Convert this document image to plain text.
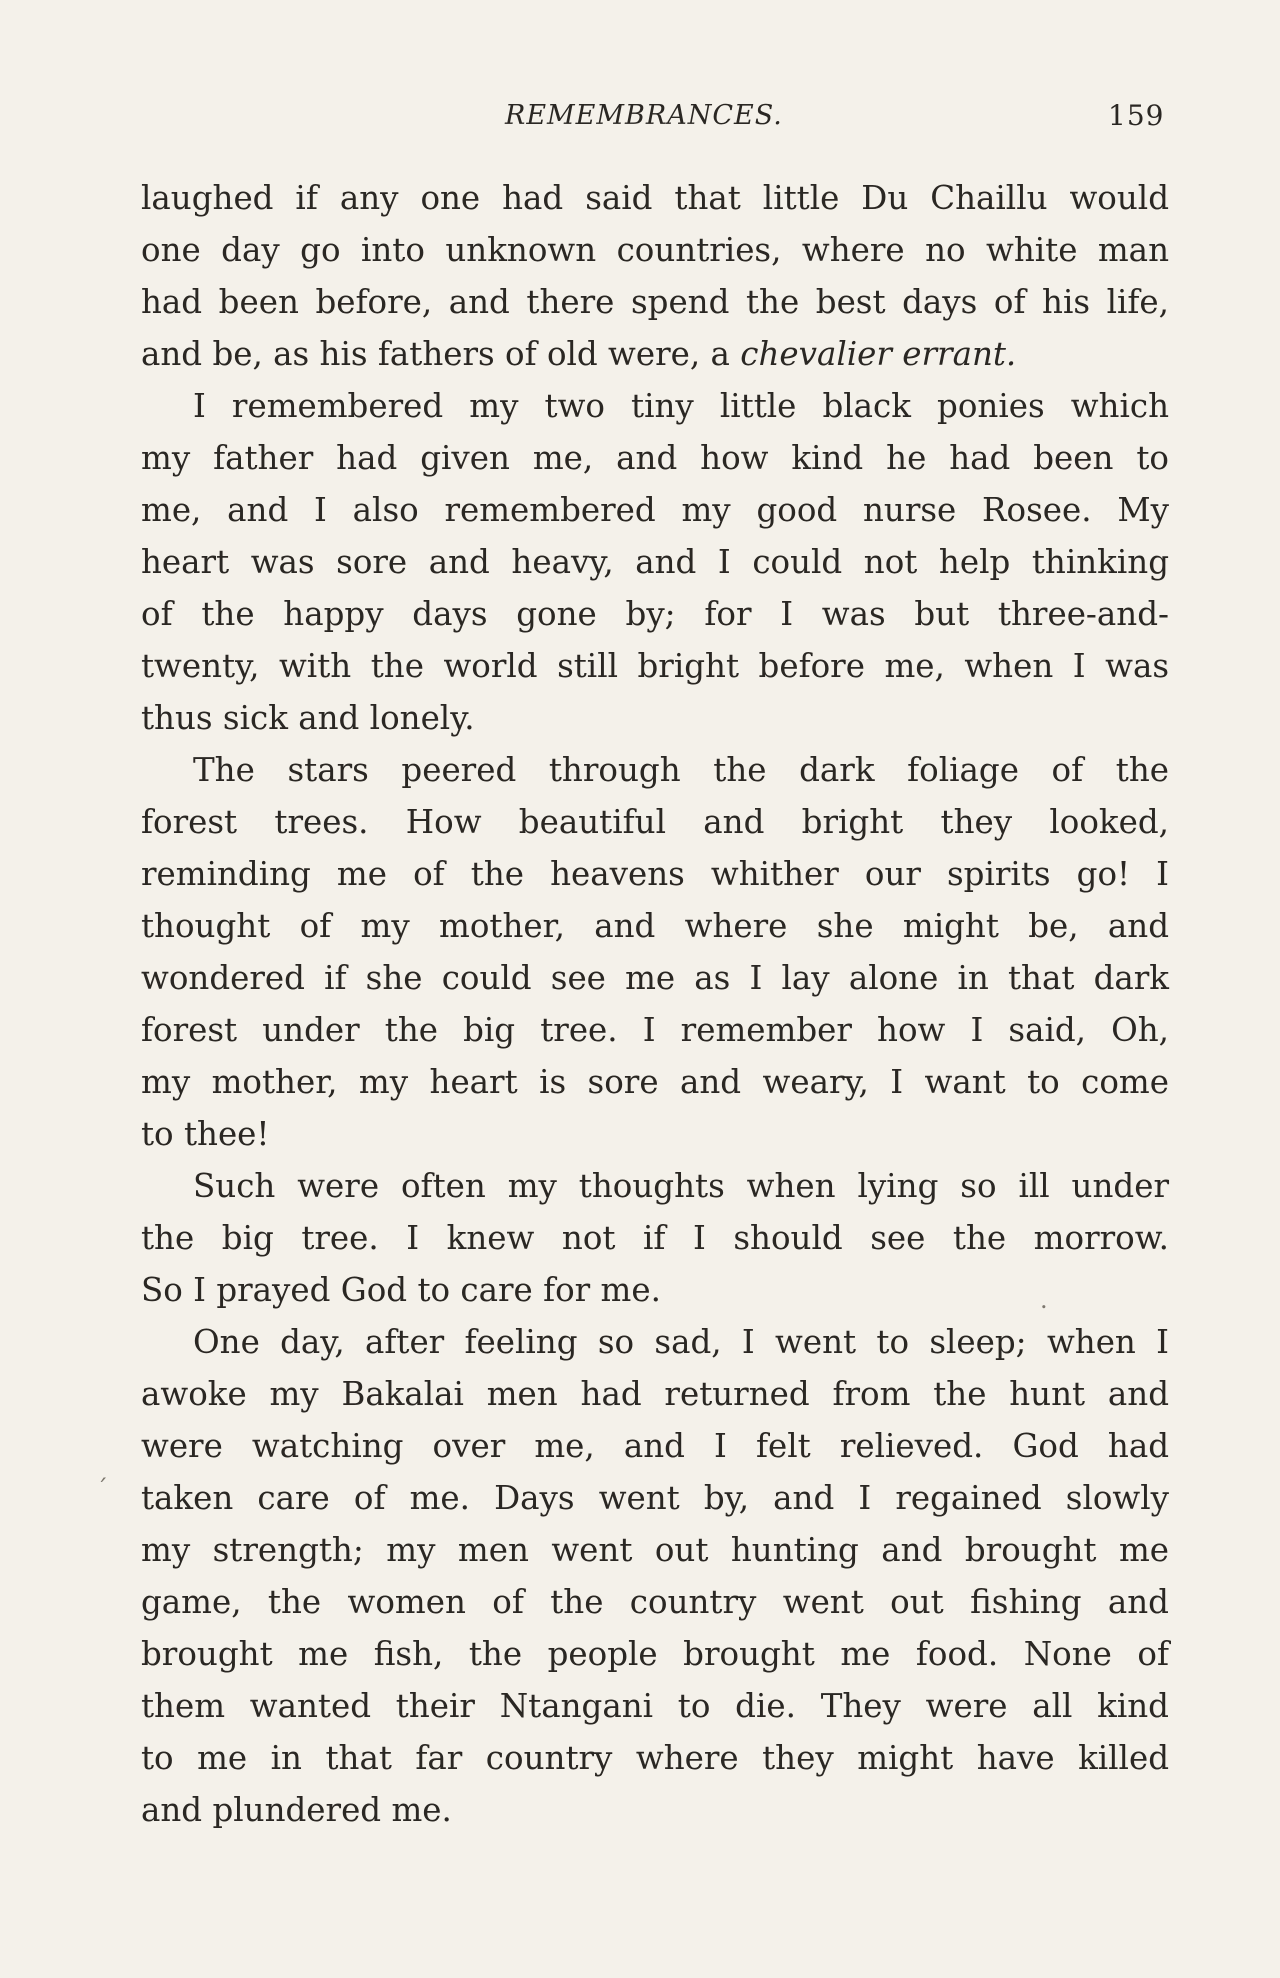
REMEMBRANCES.	159
laughed if any one had said that little Du Chaillu would
one day go into unknown countries, where no white man
had been before, and there spend the best days of his life,
and be, as his fathers of old were, a chevalier errant.
I remembered my two tiny little black ponies which
my father had given me, and how kind he had been to
me, and I also remembered my good nurse Rosee. My
heart was sore and heavy, and I could not help thinking
of the happy days gone by; for I was but three-and-
twenty, with the world still bright before me, when I was
thus sick and lonely.
The stars peered through the dark foliage of the
forest trees. How beautiful and bright they looked,
reminding me of the heavens whither our spirits go! I
thought of my mother, and where she might be, and
wondered if she could see me as I lay alone in that dark
forest under the big tree. I remember how I said, Oh,
my mother, my heart is sore and weary, I want to come
to thee!
Such were often my thoughts when lying so ill under
the big tree. I knew not if I should see the morrow.
So I prayed God to care for me.
One day, after feeling so sad, I went to sleep; when I
awoke my Bakalai men had returned from the hunt and
were watching over me, and I felt relieved. God had
taken care of me. Days went by, and I regained slowly
my strength; my men went out hunting and brought me
game, the women of the country went out fishing and
brought me fish, the people brought me food. None of
them wanted their Ntangani to die. They were all kind
to me in that far country where they might have killed
and plundered me.
.
´
